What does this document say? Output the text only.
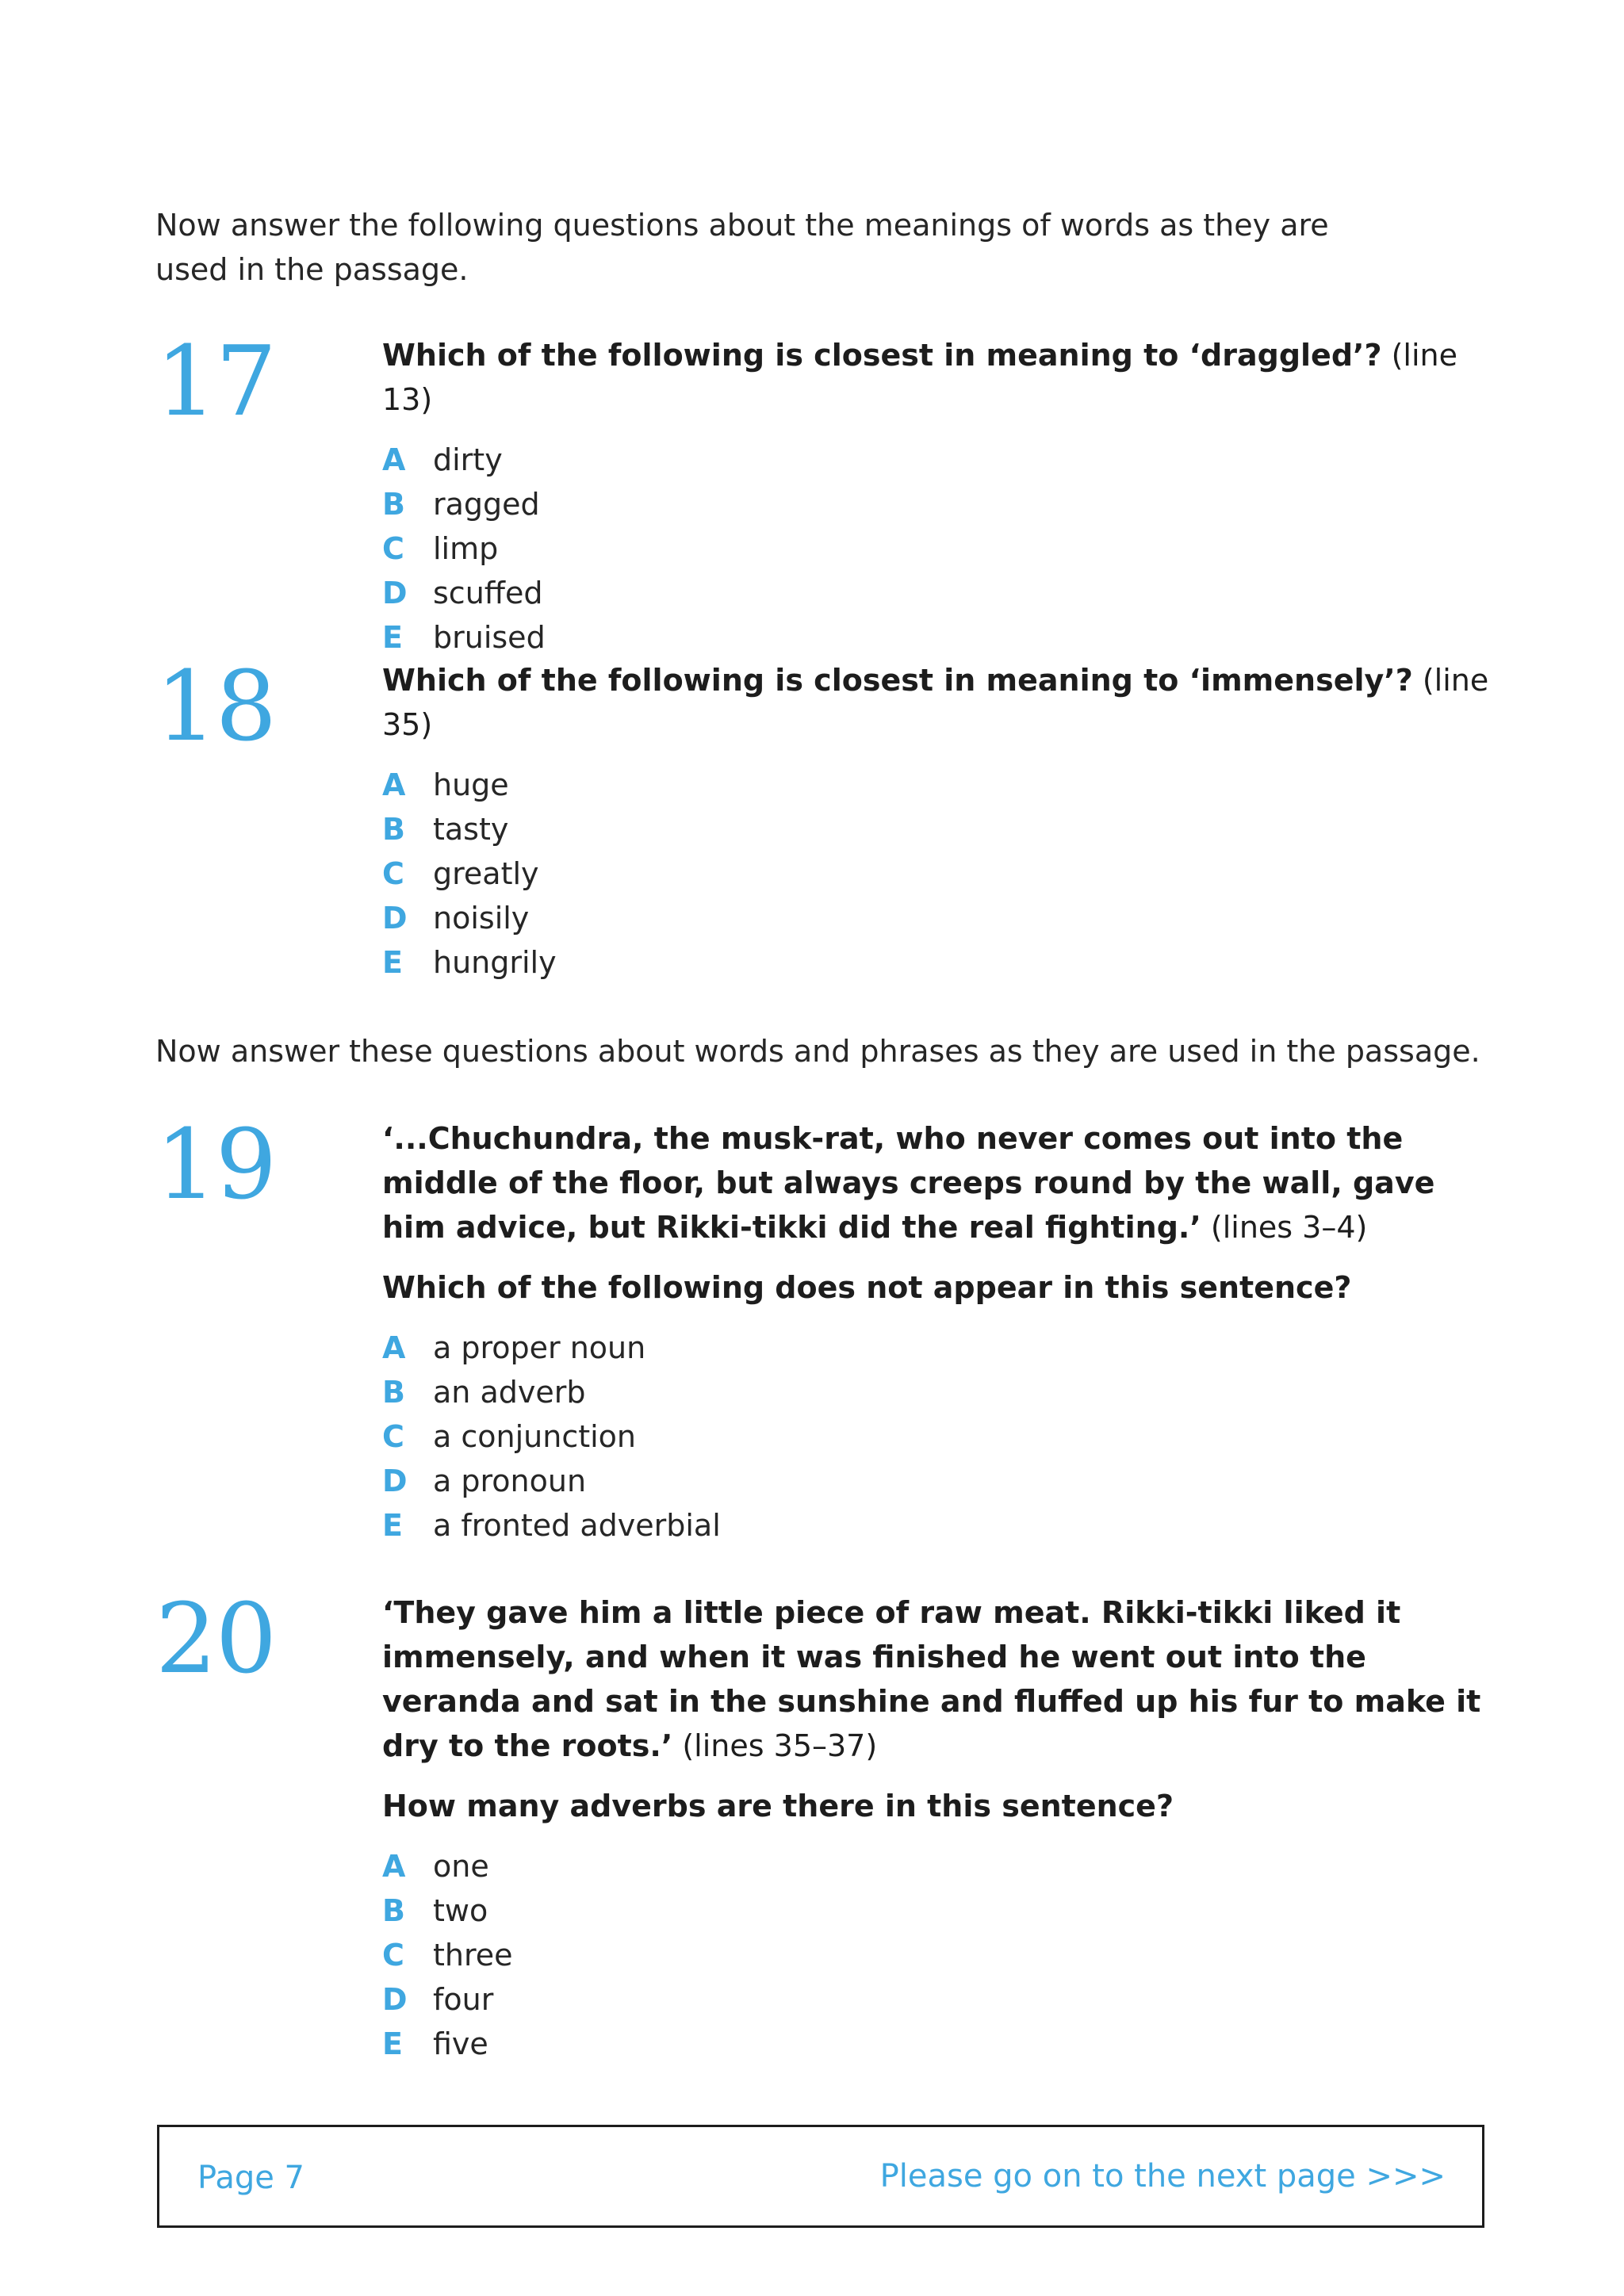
Now answer the following questions about the meanings of words as they are used in the passage.

17	Which of the following is closest in meaning to ‘draggled’? (line 13)

A dirty
B ragged
C limp
D scuffed
E	bruised
18	Which of the following is closest in meaning to ‘immensely’? (line 35)

A huge
B tasty
C greatly
D noisily
E	hungrily

Now answer these questions about words and phrases as they are used in the passage.

19	‘...Chuchundra, the musk-rat, who never comes out into the middle of the floor, but always creeps round by the wall, gave him advice, but Rikki-tikki did the real fighting.’ (lines 3–4)

Which of the following does not appear in this sentence?

A a proper noun
B an adverb
C a conjunction
D a pronoun
E	a fronted adverbial
20	‘They gave him a little piece of raw meat. Rikki-tikki liked it immensely, and when it was finished he went out into the veranda and sat in the sunshine and fluffed up his fur to make it dry to the roots.’ (lines 35–37)

How many adverbs are there in this sentence?

A one
B two
C three
D four
E	five
Page 7	Please go on to the next page >>>
